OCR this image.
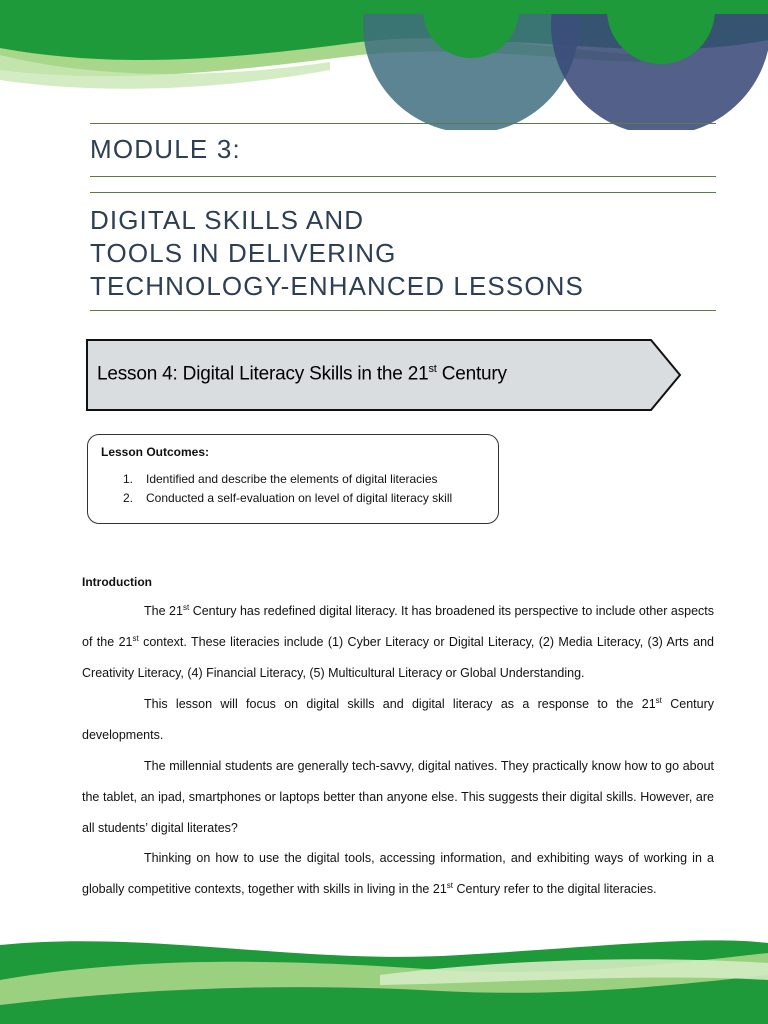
MODULE 3:
DIGITAL SKILLS AND
TOOLS IN DELIVERING
TECHNOLOGY-ENHANCED LESSONS
Lesson 4: Digital Literacy Skills in the 21st Century
Lesson Outcomes:
1.	Identified and describe the elements of digital literacies
2.	Conducted a self-evaluation on level of digital literacy skill
Introduction

The 21st Century has redefined digital literacy. It has broadened its perspective to include other aspects of the 21st context. These literacies include (1) Cyber Literacy or Digital Literacy, (2) Media Literacy, (3) Arts and Creativity Literacy, (4) Financial Literacy, (5) Multicultural Literacy or Global Understanding.

This lesson will focus on digital skills and digital literacy as a response to the 21st Century developments.

The millennial students are generally tech-savvy, digital natives. They practically know how to go about the tablet, an ipad, smartphones or laptops better than anyone else. This suggests their digital skills. However, are all students’ digital literates?

Thinking on how to use the digital tools, accessing information, and exhibiting ways of working in a globally competitive contexts, together with skills in living in the 21st Century refer to the digital literacies.
